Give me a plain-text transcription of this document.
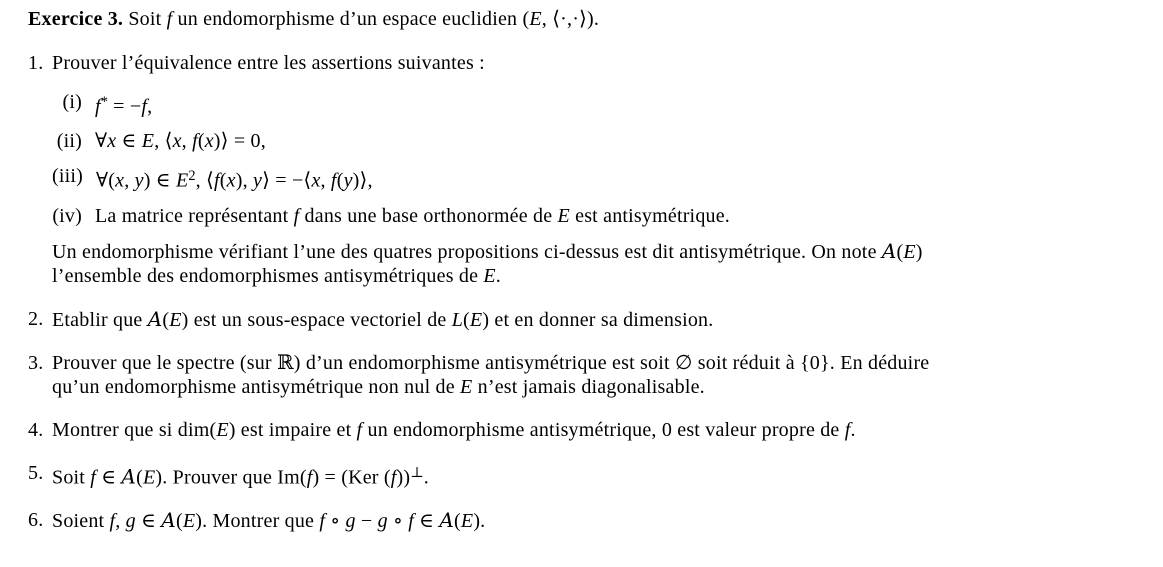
Exercice 3. Soit f un endomorphisme d’un espace euclidien (E, ⟨·,·⟩).

1. Prouver l’équivalence entre les assertions suivantes :
(i) f* = −f,
(ii) ∀x ∈ E, ⟨x, f(x)⟩ = 0,
(iii) ∀(x, y) ∈ $E^2$, ⟨f(x), y⟩ = −⟨x, f(y)⟩,
(iv) La matrice représentant f dans une base orthonormée de E est antisymétrique.
Un endomorphisme vérifiant l’une des quatres propositions ci-dessus est dit antisymétrique. On note A(E)
l’ensemble des endomorphismes antisymétriques de E.
2. Etablir que A(E) est un sous-espace vectoriel de L(E) et en donner sa dimension.
3. Prouver que le spectre (sur ℝ) d’un endomorphisme antisymétrique est soit ∅ soit réduit à {0}. En déduire
qu’un endomorphisme antisymétrique non nul de E n’est jamais diagonalisable.
4. Montrer que si dim(E) est impaire et f un endomorphisme antisymétrique, 0 est valeur propre de f.
5. Soit f ∈ A(E). Prouver que Im(f) = (Ker (f))⊥.
6. Soient f, g ∈ A(E). Montrer que f ∘ g − g ∘ f ∈ A(E).
